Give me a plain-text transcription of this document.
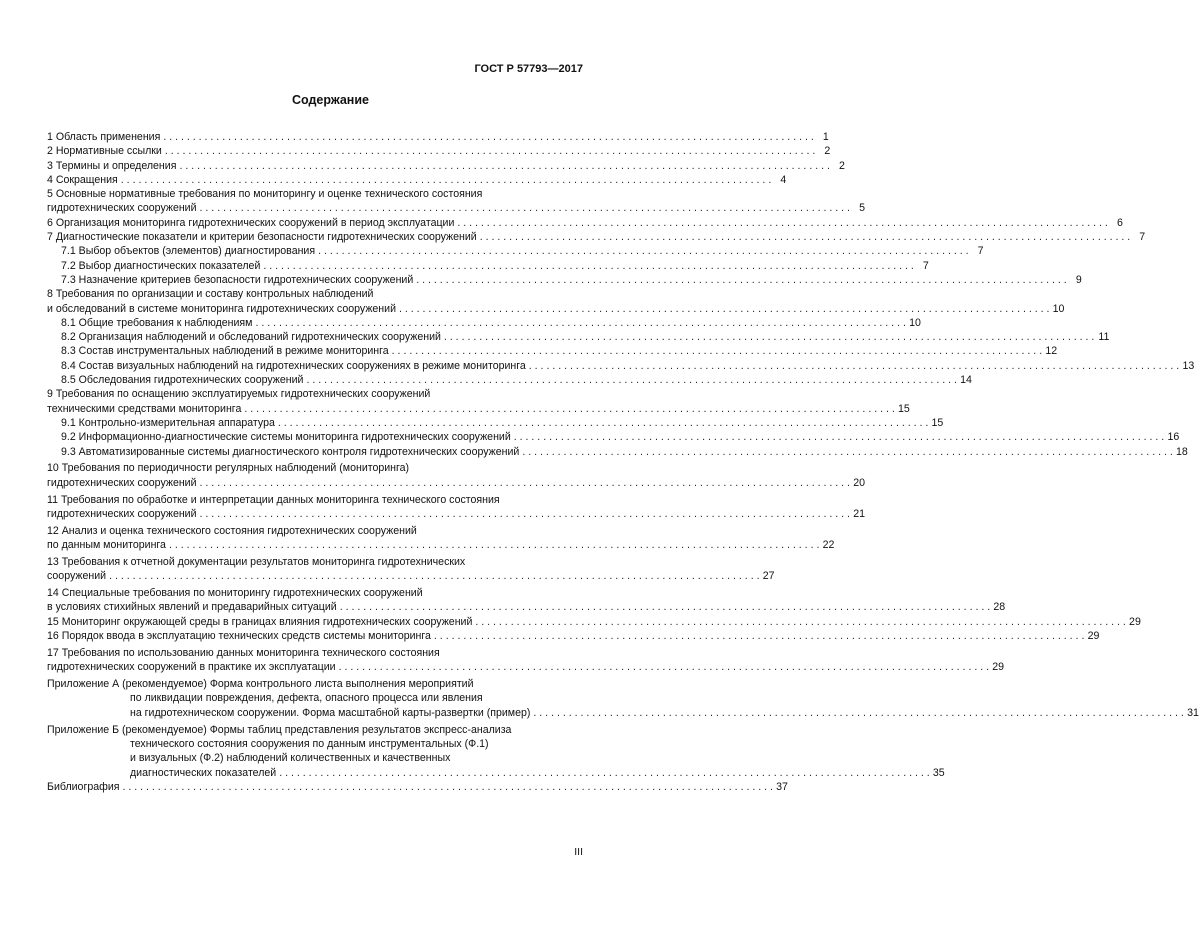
ГОСТ Р 57793—2017
Содержание
1 Область применения . . .	1
2 Нормативные ссылки . . .	2
3 Термины и определения . . .	2
4 Сокращения . . .	4
5 Основные нормативные требования по мониторингу и оценке технического состояния
гидротехнических сооружений . . .	5
6 Организация мониторинга гидротехнических сооружений в период эксплуатации . . .	6
7 Диагностические показатели и критерии безопасности гидротехнических сооружений . . .	7
7.1 Выбор объектов (элементов) диагностирования . . .	7
7.2 Выбор диагностических показателей . . .	7
7.3 Назначение критериев безопасности гидротехнических сооружений . . .	9
8 Требования по организации и составу контрольных наблюдений
и обследований в системе мониторинга гидротехнических сооружений . . .	10
8.1 Общие требования к наблюдениям . . .	10
8.2 Организация наблюдений и обследований гидротехнических сооружений . . .	11
8.3 Состав инструментальных наблюдений в режиме мониторинга . . .	12
8.4 Состав визуальных наблюдений на гидротехнических сооружениях в режиме мониторинга . . .	13
8.5 Обследования гидротехнических сооружений . . .	14
9 Требования по оснащению эксплуатируемых гидротехнических сооружений
техническими средствами мониторинга . . .	15
9.1 Контрольно-измерительная аппаратура . . .	15
9.2 Информационно-диагностические системы мониторинга гидротехнических сооружений . . .	16
9.3 Автоматизированные системы диагностического контроля гидротехнических сооружений . . .	18
10 Требования по периодичности регулярных наблюдений (мониторинга)
гидротехнических сооружений . . .	20
11 Требования по обработке и интерпретации данных мониторинга технического состояния
гидротехнических сооружений . . .	21
12 Анализ и оценка технического состояния гидротехнических сооружений
по данным мониторинга . . .	22
13 Требования к отчетной документации результатов мониторинга гидротехнических
сооружений . . .	27
14 Специальные требования по мониторингу гидротехнических сооружений
в условиях стихийных явлений и предаварийных ситуаций . . .	28
15 Мониторинг окружающей среды в границах влияния гидротехнических сооружений . . .	29
16 Порядок ввода в эксплуатацию технических средств системы мониторинга . . .	29
17 Требования по использованию данных мониторинга технического состояния
гидротехнических сооружений в практике их эксплуатации . . .	29
Приложение А (рекомендуемое) Форма контрольного листа выполнения мероприятий
по ликвидации повреждения, дефекта, опасного процесса или явления
на гидротехническом сооружении. Форма масштабной карты-развертки (пример) . . .	31
Приложение Б (рекомендуемое) Формы таблиц представления результатов экспресс-анализа
технического состояния сооружения по данным инструментальных (Ф.1)
и визуальных (Ф.2) наблюдений количественных и качественных
диагностических показателей . . .	35
Библиография . . .	37
III
